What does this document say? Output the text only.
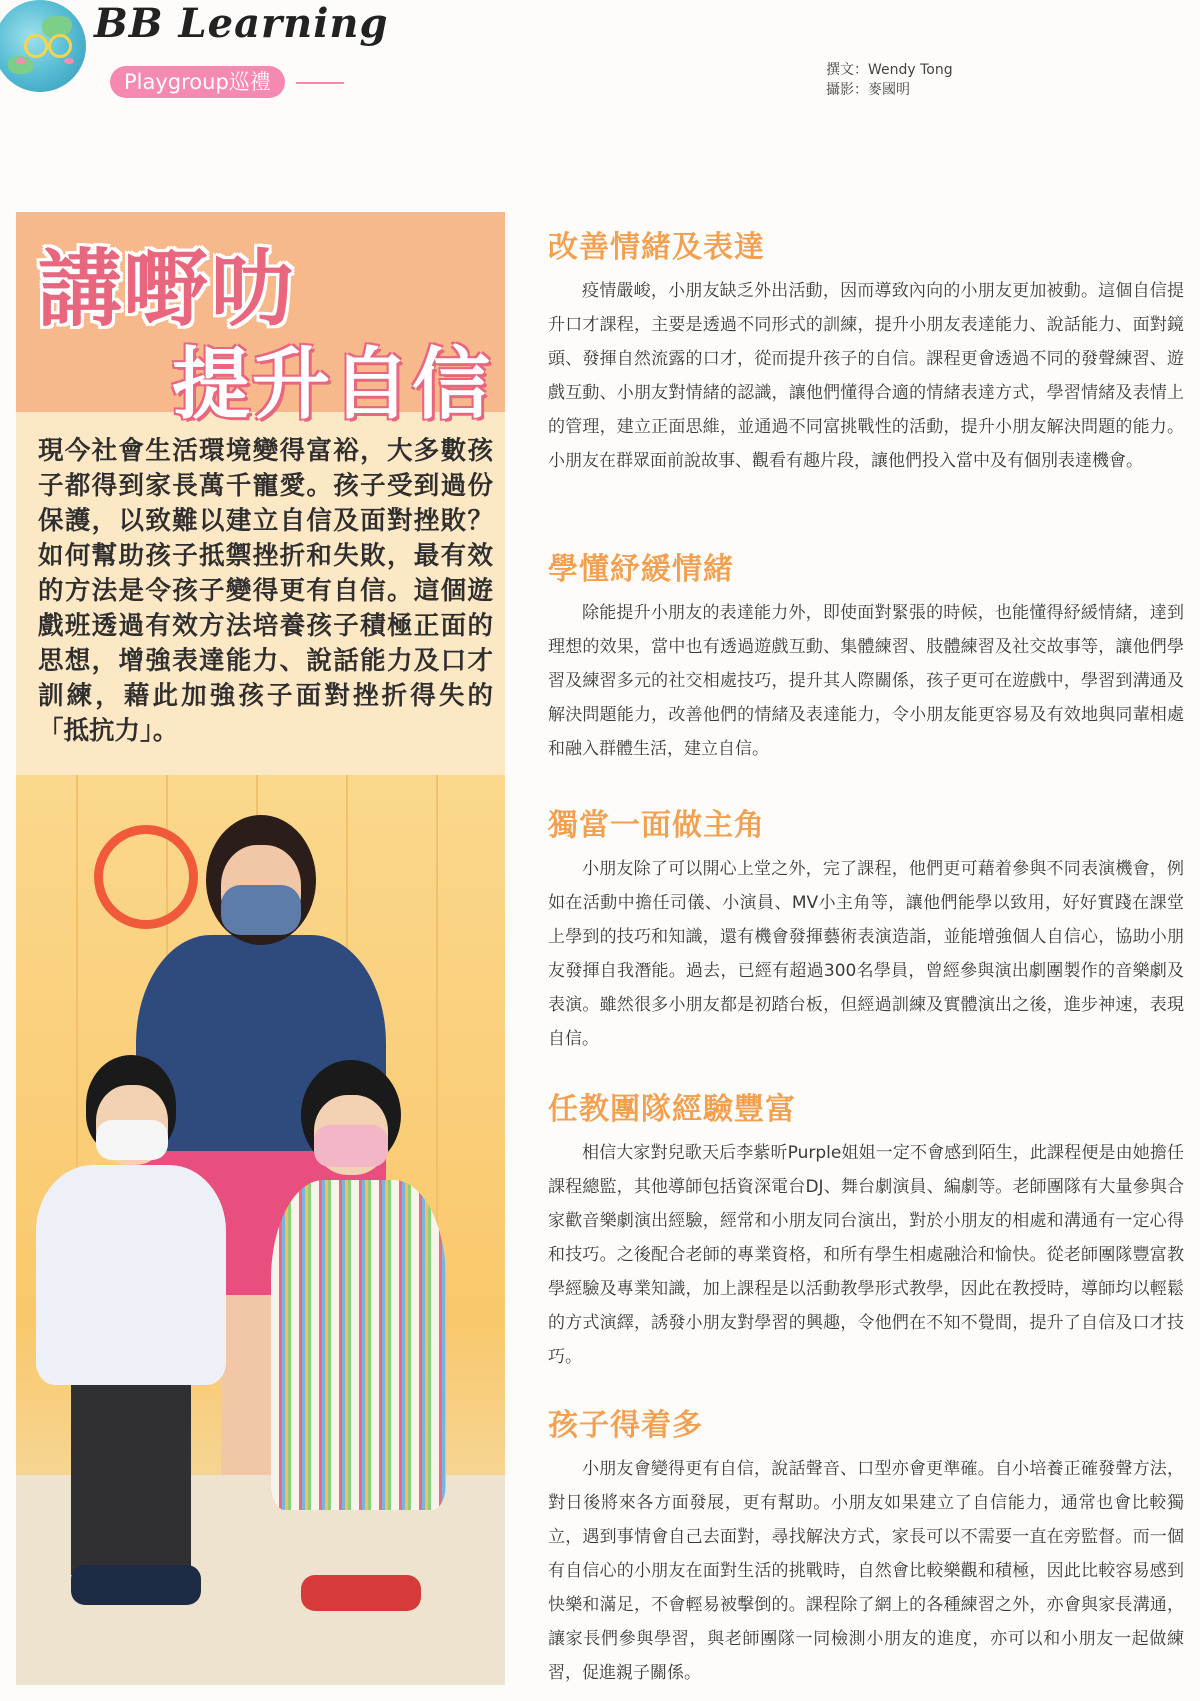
BB Learning
Playgroup巡禮	撰文：Wendy Tong
攝影：麥國明
講嘢叻
提升自信
現今社會生活環境變得富裕，大多數孩子都得到家長萬千寵愛。孩子受到過份保護，以致難以建立自信及面對挫敗？如何幫助孩子抵禦挫折和失敗，最有效的方法是令孩子變得更有自信。這個遊戲班透過有效方法培養孩子積極正面的思想，增強表達能力、說話能力及口才訓練，藉此加強孩子面對挫折得失的「抵抗力」。
改善情緒及表達

疫情嚴峻，小朋友缺乏外出活動，因而導致內向的小朋友更加被動。這個自信提升口才課程，主要是透過不同形式的訓練，提升小朋友表達能力、說話能力、面對鏡頭、發揮自然流露的口才，從而提升孩子的自信。課程更會透過不同的發聲練習、遊戲互動、小朋友對情緒的認識，讓他們懂得合適的情緒表達方式，學習情緒及表情上的管理，建立正面思維，並通過不同富挑戰性的活動，提升小朋友解決問題的能力。小朋友在群眾面前說故事、觀看有趣片段，讓他們投入當中及有個別表達機會。

學懂紓緩情緒

除能提升小朋友的表達能力外，即使面對緊張的時候，也能懂得紓緩情緒，達到理想的效果，當中也有透過遊戲互動、集體練習、肢體練習及社交故事等，讓他們學習及練習多元的社交相處技巧，提升其人際關係，孩子更可在遊戲中，學習到溝通及解決問題能力，改善他們的情緒及表達能力，令小朋友能更容易及有效地與同輩相處和融入群體生活，建立自信。

獨當一面做主角

小朋友除了可以開心上堂之外，完了課程，他們更可藉着參與不同表演機會，例如在活動中擔任司儀、小演員、MV小主角等，讓他們能學以致用，好好實踐在課堂上學到的技巧和知識，還有機會發揮藝術表演造詣，並能增強個人自信心，協助小朋友發揮自我潛能。過去，已經有超過300名學員，曾經參與演出劇團製作的音樂劇及表演。雖然很多小朋友都是初踏台板，但經過訓練及實體演出之後，進步神速，表現自信。

任教團隊經驗豐富

相信大家對兒歌天后李紫昕Purple姐姐一定不會感到陌生，此課程便是由她擔任課程總監，其他導師包括資深電台DJ、舞台劇演員、編劇等。老師團隊有大量參與合家歡音樂劇演出經驗，經常和小朋友同台演出，對於小朋友的相處和溝通有一定心得和技巧。之後配合老師的專業資格，和所有學生相處融洽和愉快。從老師團隊豐富教學經驗及專業知識，加上課程是以活動教學形式教學，因此在教授時，導師均以輕鬆的方式演繹，誘發小朋友對學習的興趣，令他們在不知不覺間，提升了自信及口才技巧。

孩子得着多

小朋友會變得更有自信，說話聲音、口型亦會更準確。自小培養正確發聲方法，對日後將來各方面發展，更有幫助。小朋友如果建立了自信能力，通常也會比較獨立，遇到事情會自己去面對，尋找解決方式，家長可以不需要一直在旁監督。而一個有自信心的小朋友在面對生活的挑戰時，自然會比較樂觀和積極，因此比較容易感到快樂和滿足，不會輕易被擊倒的。課程除了網上的各種練習之外，亦會與家長溝通，讓家長們參與學習，與老師團隊一同檢測小朋友的進度，亦可以和小朋友一起做練習，促進親子關係。
